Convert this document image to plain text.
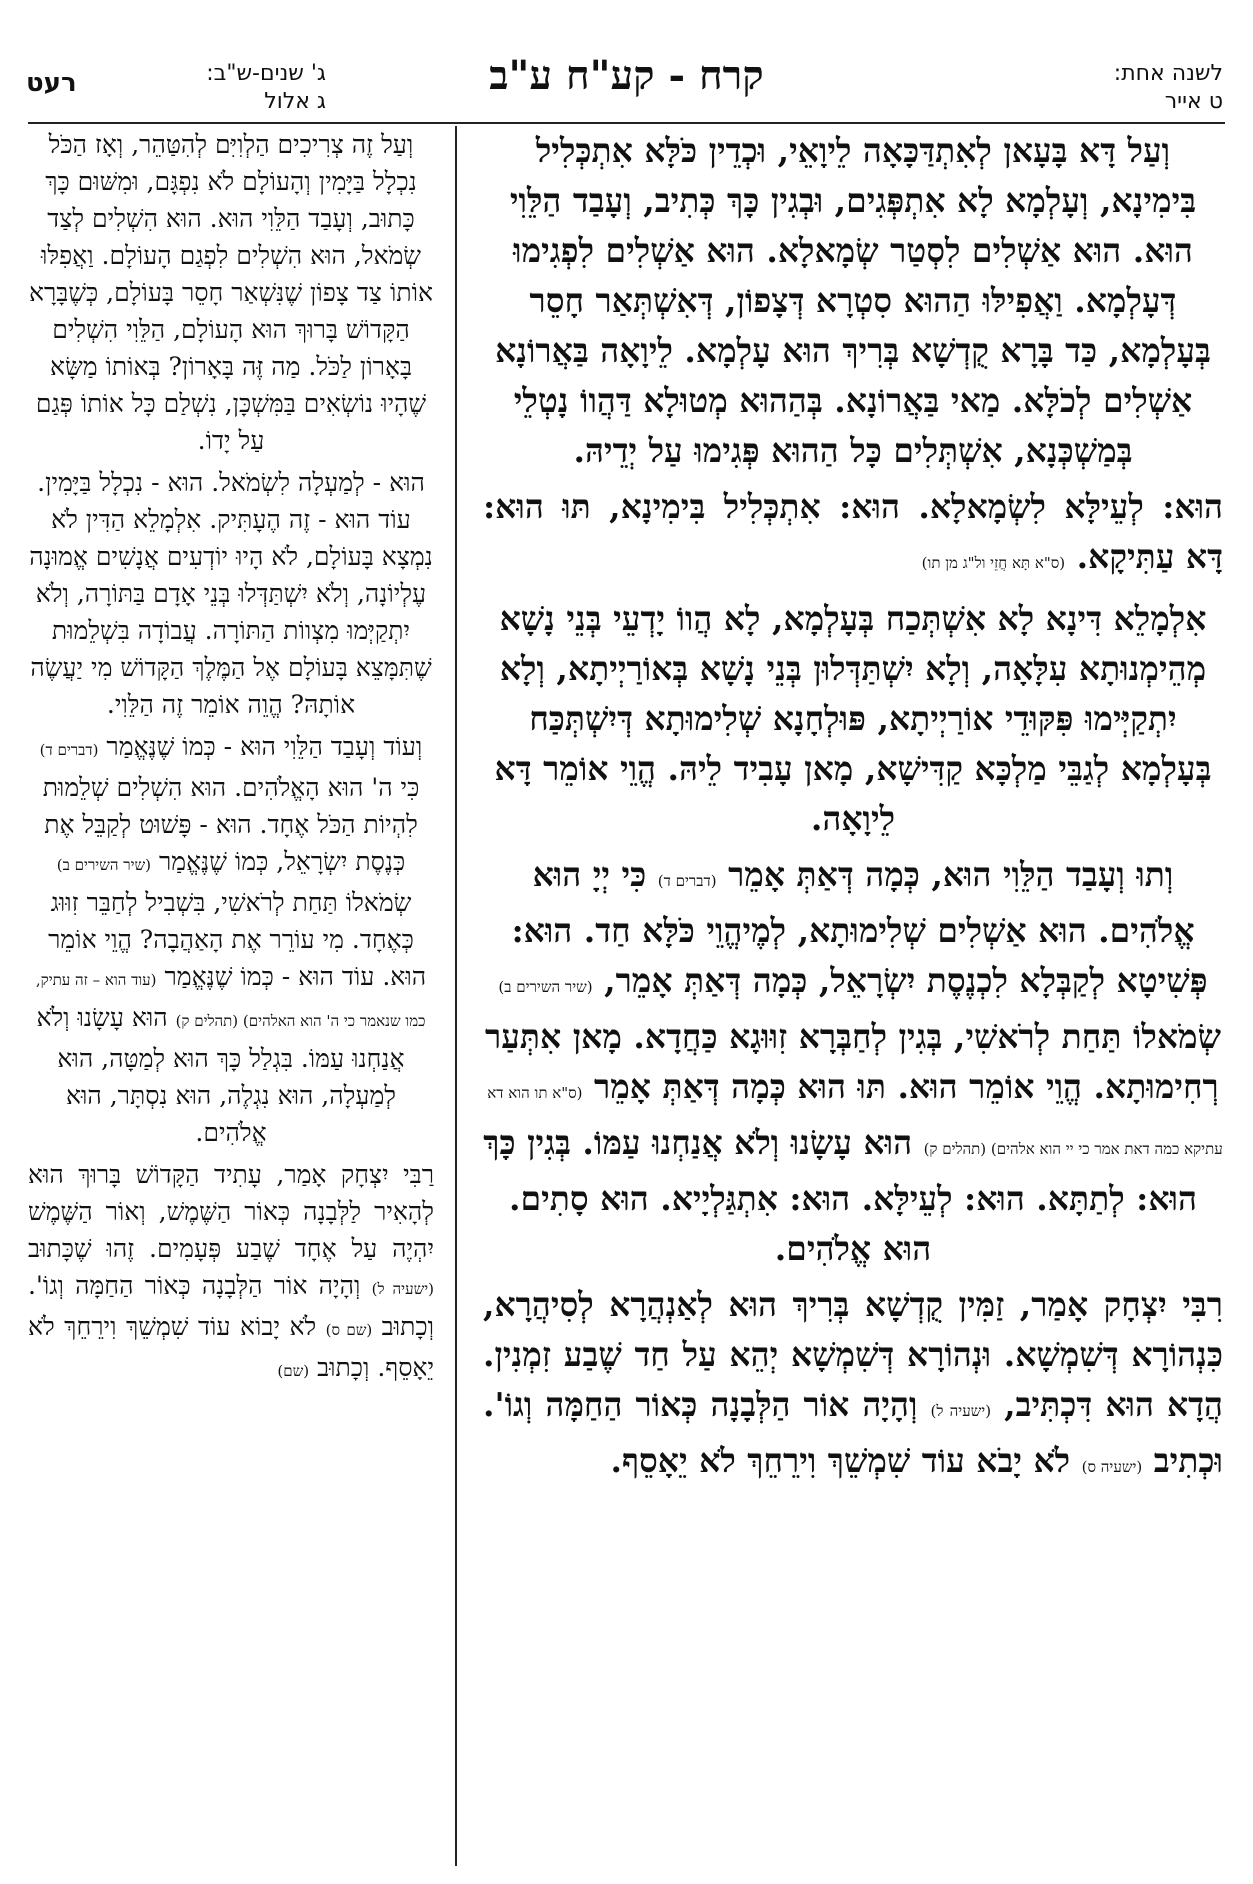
לשנה אחת:
ט אייר
קרח - קע"ח ע"ב
ג' שנים-ש"ב:
ג אלול
רעט

וְעַל דָּא בָּעָאן לְאִתְדַּכָּאָה לֵיוָאֵי, וּכְדֵין כֹּלָּא אִתְכְּלִיל בִּימִינָא, וְעָלְמָא לָא אִתְפְּגִים, וּבְגִין כָּךְ כְּתִיב, וְעָבַד הַלֵּוִי הוּא. הוּא אַשְׁלִים לִסְטַר שְׂמָאלָא. הוּא אַשְׁלִים לִפְגִימוּ דְּעָלְמָא. וַאֲפִילּוּ הַהוּא סִטְרָא דְּצָפוֹן, דְּאִשְׁתְּאַר חָסֵר בְּעָלְמָא, כַּד בָּרָא קֻדְשָׁא בְּרִיךְ הוּא עָלְמָא. לֵיוָאָה בַּאֲרוֹנָא אַשְׁלִים לְכֹלָּא. מַאי בַּאֲרוֹנָא. בְּהַהוּא מְטוּלָא דַּהֲווֹ נָטְלֵי בְּמַשְׁכְּנָא, אִשְׁתְּלִים כָּל הַהוּא פְּגִימוּ עַל יְדֵיהּ.

הוּא: לְעֵילָּא לִשְׂמָאלָא. הוּא: אִתְכְּלִיל בִּימִינָא, תּוּ הוּא: דָּא עַתִּיקָא. (ס"א תָּא חֲזֵי ול"ג מן תו)

אִלְמָלֵא דִּינָא לָא אִשְׁתְּכַח בְּעָלְמָא, לָא הֲווֹ יָדְעֵי בְּנֵי נָשָׁא מְהֵימְנוּתָא עִלָּאָה, וְלָא יִשְׁתַּדְּלוּן בְּנֵי נָשָׁא בְּאוֹרַיְיתָא, וְלָא יִתְקַיְּימוּ פִּקּוּדֵי אוֹרַיְיתָא, פּוּלְחָנָא שְׁלִימוּתָא דְּיִשְׁתְּכַּח בְּעָלְמָא לְגַבֵּי מַלְכָּא קַדִּישָׁא, מָאן עָבִיד לֵיהּ. הֱוֵי אוֹמֵר דָּא לֵיוָאָה.

וְתוּ וְעָבַד הַלֵּוִי הוּא, כְּמָה דְּאַתְּ אָמֵר (דברים ד) כִּי יְיָ הוּא אֱלֹהִים. הוּא אַשְׁלִים שְׁלִימוּתָא, לְמֶיהֱוֵי כֹּלָּא חַד. הוּא: פְּשִׁיטָא לְקַבְּלָא לִכְנֶסֶת יִשְׂרָאֵל, כְּמָה דְּאַתְּ אָמֵר, (שיר השירים ב) שְׂמֹאלוֹ תַּחַת לְרֹאשִׁי, בְּגִין לְחַבְּרָא זִוּוּגָא כַּחֲדָא. מָאן אִתְּעַר רְחִימוּתָא. הֱוֵי אוֹמֵר הוּא. תּוּ הוּא כְּמָה דְּאַתְּ אָמֵר (ס"א תו הוא דא עתיקא כמה דאת אמר כי יי הוא אלהים) (תהלים ק) הוּא עָשָׂנוּ וְלֹא אֲנַחְנוּ עַמּוֹ. בְּגִין כָּךְ הוּא: לְתַתָּא. הוּא: לְעֵילָּא. הוּא: אִתְגַּלְיָיא. הוּא סָתִים. הוּא אֱלֹהִים.

רִבִּי יִצְחָק אָמַר, זַמִּין קֻדְשָׁא בְּרִיךְ הוּא לְאַנְהֲרָא לְסִיהֲרָא, כִּנְהוֹרָא דְּשִׁמְשָׁא. וּנְהוֹרָא דְּשִׁמְשָׁא יְהֵא עַל חַד שֶׁבַע זִמְנִין. הֲדָא הוּא דִּכְתִּיב, (ישעיה ל) וְהָיָה אוֹר הַלְּבָנָה כְּאוֹר הַחַמָּה וְגוֹ'. וּכְתִיב (ישעיה ס) לֹא יָבֹא עוֹד שִׁמְשֵׁךְ וִירֵחֵךְ לֹא יֵאָסֵף.

וְעַל זֶה צְרִיכִים הַלְוִיִּם לְהִטַּהֵר, וְאָז הַכֹּל נִכְלָל בַּיָּמִין וְהָעוֹלָם לֹא נִפְגָּם, וּמִשּׁוּם כָּךְ כָּתוּב, וְעָבַד הַלֵּוִי הוּא. הוּא הִשְׁלִים לְצַד שְׂמֹאל, הוּא הִשְׁלִים לִפְגַם הָעוֹלָם. וַאֲפִלּוּ אוֹתוֹ צַד צָפוֹן שֶׁנִּשְׁאַר חָסֵר בָּעוֹלָם, כְּשֶׁבָּרָא הַקָּדוֹשׁ בָּרוּךְ הוּא הָעוֹלָם, הַלֵּוִי הִשְׁלִים בָּאָרוֹן לַכֹּל. מַה זֶּה בָּאָרוֹן? בְּאוֹתוֹ מַשָּׂא שֶׁהָיוּ נוֹשְׂאִים בַּמִּשְׁכָּן, נִשְׁלַם כָּל אוֹתוֹ פְּגַם עַל יָדוֹ.

הוּא - לְמַעְלָה לִשְׂמֹאל. הוּא - נִכְלָל בַּיָּמִין. עוֹד הוּא - זֶה הֶעָתִּיק. אִלְמָלֵא הַדִּין לֹא נִמְצָא בָּעוֹלָם, לֹא הָיוּ יוֹדְעִים אֲנָשִׁים אֱמוּנָה עֶלְיוֹנָה, וְלֹא יִשְׁתַּדְּלוּ בְּנֵי אָדָם בַּתּוֹרָה, וְלֹא יִתְקַיְּמוּ מִצְווֹת הַתּוֹרָה. עֲבוֹדָה בִּשְׁלֵמוּת שֶׁתִּמָּצֵא בָּעוֹלָם אֶל הַמֶּלֶךְ הַקָּדוֹשׁ מִי יַעֲשֶׂה אוֹתָהּ? הֱוֵה אוֹמֵר זֶה הַלֵּוִי.

וְעוֹד וְעָבַד הַלֵּוִי הוּא - כְּמוֹ שֶׁנֶּאֱמַר (דברים ד) כִּי ה' הוּא הָאֱלֹהִים. הוּא הִשְׁלִים שְׁלֵמוּת לִהְיוֹת הַכֹּל אֶחָד. הוּא - פָּשׁוּט לְקַבֵּל אֶת כְּנֶסֶת יִשְׂרָאֵל, כְּמוֹ שֶׁנֶּאֱמַר (שיר השירים ב) שְׂמֹאלוֹ תַּחַת לְרֹאשִׁי, בִּשְׁבִיל לְחַבֵּר זִוּוּג כְּאֶחָד. מִי עוֹרֵר אֶת הָאַהֲבָה? הֱוֵי אוֹמֵר הוּא. עוֹד הוּא - כְּמוֹ שֶׁנֶּאֱמַר (עוד הוא – זה עתיק, כמו שנאמר כי ה' הוא האלהים) (תהלים ק) הוּא עָשָׂנוּ וְלֹא אֲנַחְנוּ עַמּוֹ. בִּגְלַל כָּךְ הוּא לְמַטָּה, הוּא לְמַעְלָה, הוּא נִגְלֶה, הוּא נִסְתָּר, הוּא אֱלֹהִים.

רַבִּי יִצְחָק אָמַר, עָתִיד הַקָּדוֹשׁ בָּרוּךְ הוּא לְהָאִיר לַלְּבָנָה כְּאוֹר הַשֶּׁמֶשׁ, וְאוֹר הַשֶּׁמֶשׁ יִהְיֶה עַל אֶחָד שֶׁבַע פְּעָמִים. זֶהוּ שֶׁכָּתוּב (ישעיה ל) וְהָיָה אוֹר הַלְּבָנָה כְּאוֹר הַחַמָּה וְגוֹ'. וְכָתוּב (שם ס) לֹא יָבוֹא עוֹד שִׁמְשֵׁךְ וִירֵחֵךְ לֹא יֵאָסֵף. וְכָתוּב (שם)
